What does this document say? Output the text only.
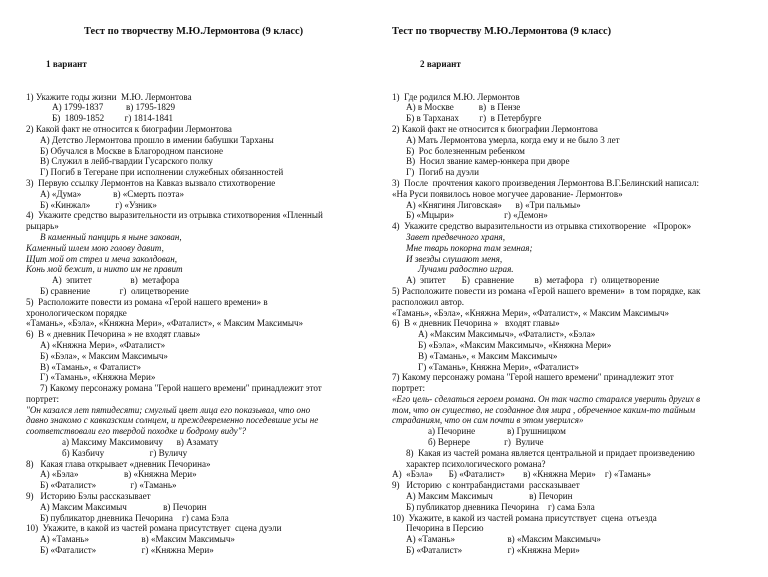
Тест по творчеству М.Ю.Лермонтова (9 класс)

1 вариант

1) Укажите годы жизни  М.Ю. Лермонтова
А) 1799-1837          в) 1795-1829
Б)  1809-1852         г) 1814-1841
2) Какой факт не относится к биографии Лермонтова
А) Детство Лермонтова прошло в имении бабушки Тарханы
Б) Обучался в Москве в Благородном пансионе
В) Служил в лейб-гвардии Гусарского полку
Г) Погиб в Тегеране при исполнении служебных обязанностей
3)  Первую ссылку Лермонтов на Кавказ вызвало стихотворение
А) «Дума»              в) «Смерть поэта»
Б) «Кинжал»           г) «Узник»
4)  Укажите средство выразительности из отрывка стихотворения «Пленный
рыцарь»
В каменный панцирь я ныне закован,
Каменный шлем мою голову давит,
Щит мой от стрел и меча заколдован,
Конь мой бежит, и никто им не правит
А)  эпитет                 в)  метафора
Б) сравнение             г)  олицетворение
5)  Расположите повести из романа «Герой нашего времени» в
хронологическом порядке
«Тамань», «Бэла», «Княжна Мери», «Фаталист», « Максим Максимыч»
6)  В « дневник Печорина » не входят главы»
А) «Княжна Мери», «Фаталист»
Б) «Бэла», « Максим Максимыч»
В) «Тамань», « Фаталист»
Г) «Тамань», «Княжна Мери»
7) Какому персонажу романа "Герой нашего времени" принадлежит этот
портрет:
"Он казался лет пятидесяти; смуглый цвет лица его показывал, что оно
давно знакомо с кавказским солнцем, и преждевременно поседевшие усы не
соответствовали его твердой походке и бодрому виду"?
а) Максиму Максимовичу      в) Азамату
б) Казбичу                    г) Вуличу
8)   Какая глава открывает «дневник Печорина»
А) «Бэла»                    в) «Княжна Мери»
Б) «Фаталист»               г) «Тамань»
9)   Историю Бэлы рассказывает
А) Максим Максимыч                в) Печорин
Б) публикатор дневника Печорина    г) сама Бэла
10)  Укажите, в какой из частей романа присутствует  сцена дуэли
А) «Тамань»                       в) «Максим Максимыч»
Б) «Фаталист»                    г) «Княжна Мери»

Тест по творчеству М.Ю.Лермонтова (9 класс)

2 вариант

1)  Где родился М.Ю. Лермонтов
А) в Москве           в)  в Пензе
Б) в Тарханах         г)  в Петербурге
2) Какой факт не относится к биографии Лермонтова
А) Мать Лермонтова умерла, когда ему и не было 3 лет
Б)  Рос болезненным ребенком
В)  Носил звание камер-юнкера при дворе
Г)  Погиб на дуэли
3)  После  прочтения какого произведения Лермонтова В.Г.Белинский написал:
«На Руси появилось новое могучее дарование- Лермонтов»
А) «Княгиня Лиговская»      в) «Три пальмы»
Б) «Мцыри»                      г) «Демон»
4)  Укажите средство выразительности из отрывка стихотворение   «Пророк»
Завет предвечного храня,
Мне тварь покорна там земная;
И звезды слушают меня,
Лучами радостно играя.
А)  эпитет       Б)  сравнение         в)  метафора   г)  олицетворение
5) Расположите повести из романа «Герой нашего времени»  в том порядке, как
расположил автор.
«Тамань», «Бэла», «Княжна Мери», «Фаталист», « Максим Максимыч»
6)  В « дневник Печорина »   входят главы»
А) «Максим Максимыч», «Фаталист», «Бэла»
Б) «Бэла», «Максим Максимыч», «Княжна Мери»
В) «Тамань», « Максим Максимыч»
Г) «Тамань», Княжна Мери», «Фаталист»
7) Какому персонажу романа "Герой нашего времени" принадлежит этот
портрет:
«Его цель- сделаться героем романа. Он так часто старался уверить других в
том, что он существо, не созданное для мира , обреченное каким-то тайным
страданиям, что он сам почти в этом уверился»
а) Печорине              в) Грушницком
б) Вернере               г)  Вуличе
8)  Какая из частей романа является центральной и придает произведению
характер психологического романа?
А)  «Бэла»       Б) «Фаталист»        в) «Княжна Мери»    г) «Тамань»
9)   Историю  с контрабандистами  рассказывает
А) Максим Максимыч                в) Печорин
Б) публикатор дневника Печорина    г) сама Бэла
10)  Укажите, в какой из частей романа присутствует  сцена  отъезда
Печорина в Персию
А) «Тамань»                       в) «Максим Максимыч»
Б) «Фаталист»                    г) «Княжна Мери»
